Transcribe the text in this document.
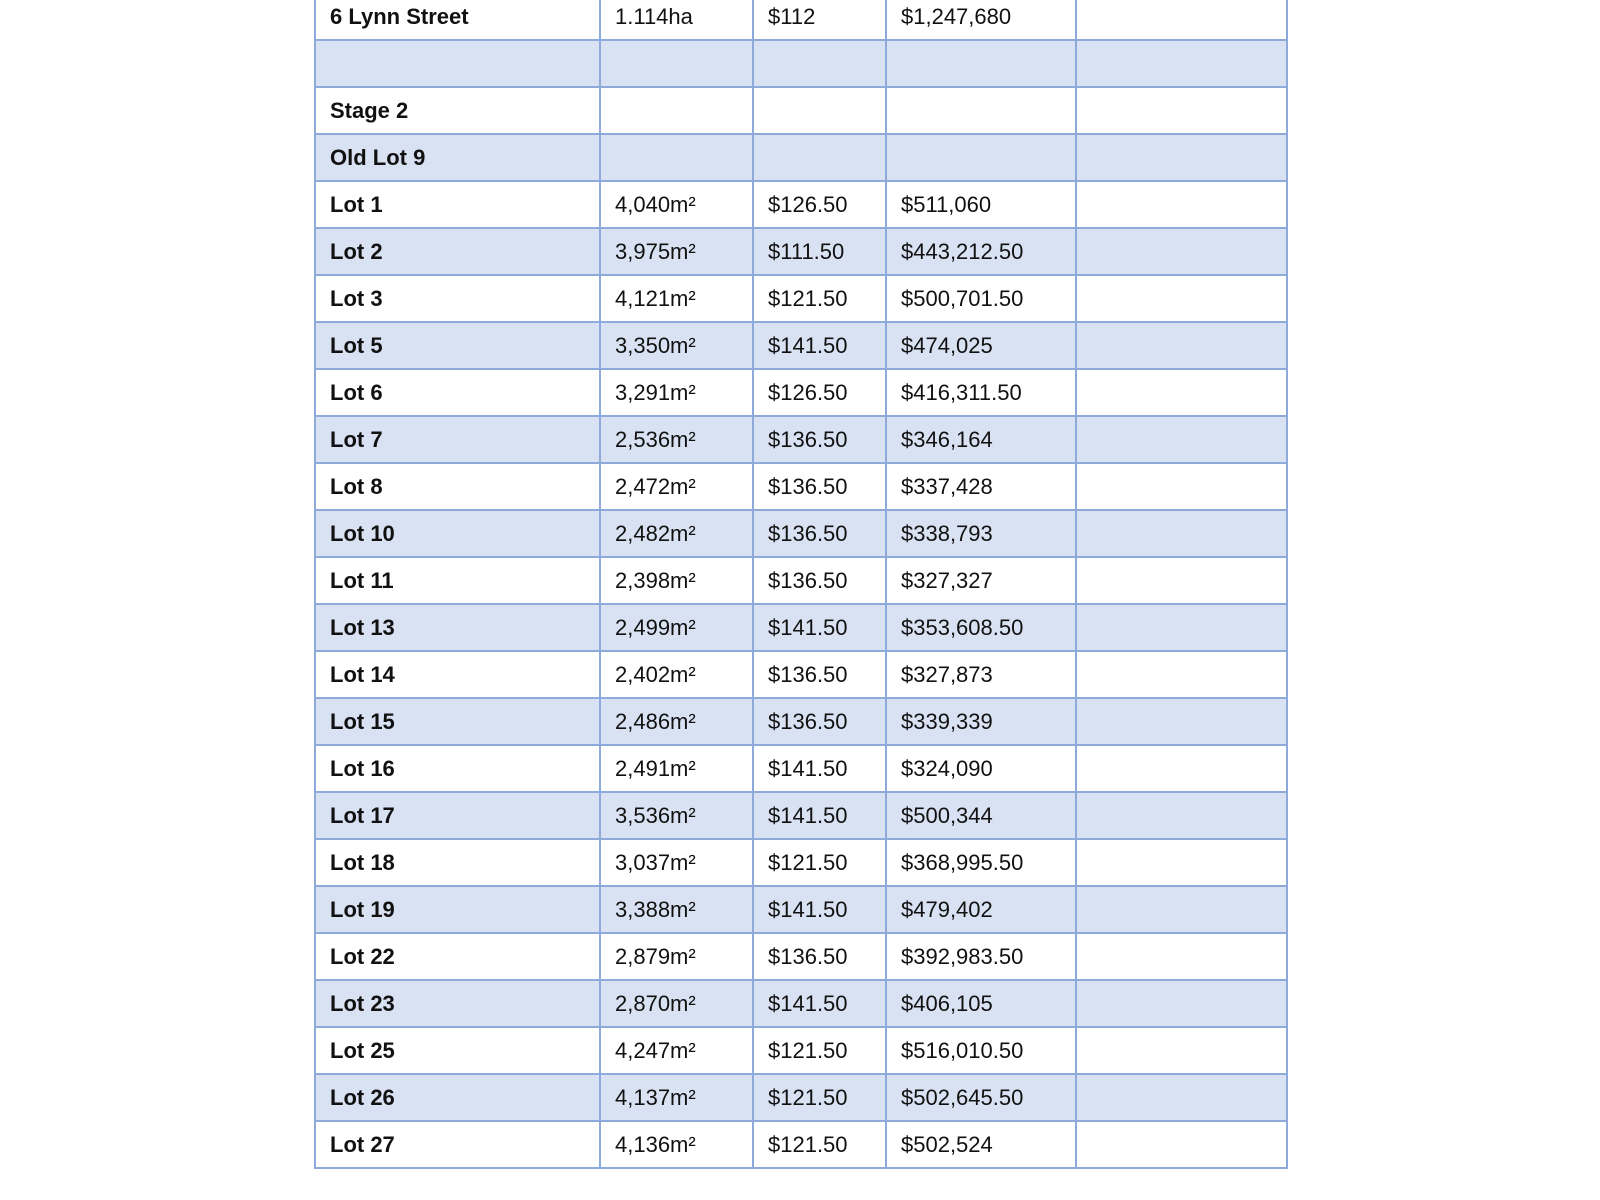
6 Lynn Street	1.114ha	$112	$1,247,680	

Stage 2				
Old Lot 9				
Lot 1	4,040m²	$126.50	$511,060	
Lot 2	3,975m²	$111.50	$443,212.50	
Lot 3	4,121m²	$121.50	$500,701.50	
Lot 5	3,350m²	$141.50	$474,025	
Lot 6	3,291m²	$126.50	$416,311.50	
Lot 7	2,536m²	$136.50	$346,164	
Lot 8	2,472m²	$136.50	$337,428	
Lot 10	2,482m²	$136.50	$338,793	
Lot 11	2,398m²	$136.50	$327,327	
Lot 13	2,499m²	$141.50	$353,608.50	
Lot 14	2,402m²	$136.50	$327,873	
Lot 15	2,486m²	$136.50	$339,339	
Lot 16	2,491m²	$141.50	$324,090	
Lot 17	3,536m²	$141.50	$500,344	
Lot 18	3,037m²	$121.50	$368,995.50	
Lot 19	3,388m²	$141.50	$479,402	
Lot 22	2,879m²	$136.50	$392,983.50	
Lot 23	2,870m²	$141.50	$406,105	
Lot 25	4,247m²	$121.50	$516,010.50	
Lot 26	4,137m²	$121.50	$502,645.50	
Lot 27	4,136m²	$121.50	$502,524	
